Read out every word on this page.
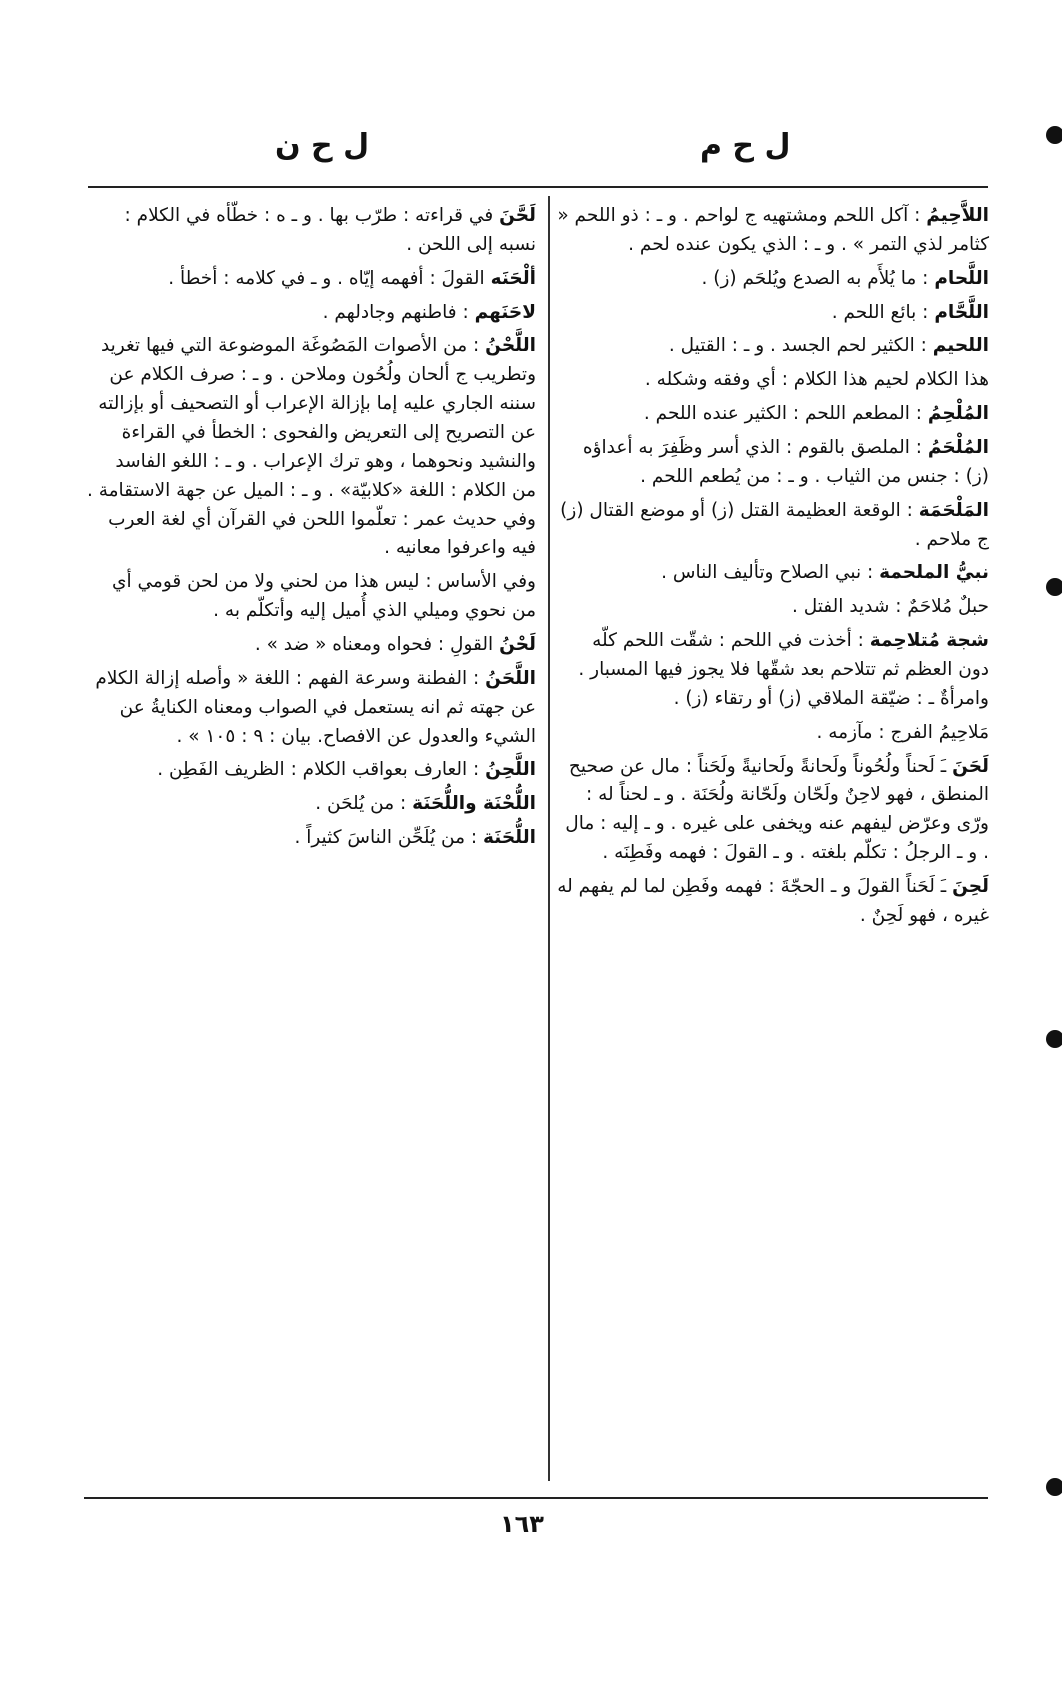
ل ح م
ل ح ن

اللاَّحِيمُ : آكل اللحم ومشتهيه ج لواحم . و ـ : ذو اللحم « كثامر لذي التمر » . و ـ : الذي يكون عنده لحم .

اللَّحام : ما يُلأَم به الصدع ويُلحَم (ز) .

اللَّحَّام : بائع اللحم .

اللحيم : الكثير لحم الجسد . و ـ : القتيل .

هذا الكلام لحيم هذا الكلام : أي وفقه وشكله .

المُلْحِمُ : المطعم اللحم : الكثير عنده اللحم .

المُلْحَمُ : الملصق بالقوم : الذي أسر وظَفِرَ به أعداؤه (ز) : جنس من الثياب . و ـ : من يُطعم اللحم .

المَلْحَمَة : الوقعة العظيمة القتل (ز) أو موضع القتال (ز) ج ملاحم .

نبيُّ الملحمة : نبي الصلاح وتأليف الناس .

حبلٌ مُلاحَمٌ : شديد الفتل .

شجة مُتلاحِمة : أخذت في اللحم : شقّت اللحم كلّه دون العظم ثم تتلاحم بعد شقّها فلا يجوز فيها المسبار . وامرأةٌ ـ : ضيّقة الملاقي (ز) أو رتقاء (ز) .

مَلاحِيمُ الفرج : مآزمه .

لَحَنَ ـَ لَحناً ولُحُوناً ولَحانةً ولَحانيةً ولَحَناً : مال عن صحيح المنطق ، فهو لاحِنٌ ولَحّان ولَحّانة ولُحَنَة . و ـ لحناً له : ورّى وعرّض ليفهم عنه ويخفى على غيره . و ـ إليه : مال . و ـ الرجلُ : تكلّم بلغته . و ـ القولَ : فهمه وفَطِنَه .

لَحِنَ ـَ لَحَناً القولَ و ـ الحجّةَ : فهمه وفَطِن لما لم يفهم له غيره ، فهو لَحِنٌ .

لَحَّنَ في قراءته : طرّب بها . و ـ ه : خطّأه في الكلام : نسبه إلى اللحن .

ألْحَنَه القولَ : أفهمه إيّاه . و ـ في كلامه : أخطأ .

لاحَنَهم : فاطنهم وجادلهم .

اللَّحْنُ : من الأصوات المَصُوغَة الموضوعة التي فيها تغريد وتطريب ج ألحان ولُحُون وملاحن . و ـ : صرف الكلام عن سننه الجاري عليه إما بإزالة الإعراب أو التصحيف أو بإزالته عن التصريح إلى التعريض والفحوى : الخطأ في القراءة والنشيد ونحوهما ، وهو ترك الإعراب . و ـ : اللغو الفاسد من الكلام : اللغة «كلابيّة» . و ـ : الميل عن جهة الاستقامة . وفي حديث عمر : تعلّموا اللحن في القرآن أي لغة العرب فيه واعرفوا معانيه .

وفي الأساس : ليس هذا من لحني ولا من لحن قومي أي من نحوي وميلي الذي أُميل إليه وأتكلّم به .

لَحْنُ القولِ : فحواه ومعناه « ضد » .

اللَّحَنُ : الفطنة وسرعة الفهم : اللغة « وأصله إزالة الكلام عن جهته ثم انه يستعمل في الصواب ومعناه الكنايةُ عن الشيء والعدول عن الافصاح. بيان : ٩ : ١٠٥ » .

اللَّحِنُ : العارف بعواقب الكلام : الظريف الفَطِن .

اللُّحْنَة واللُّحَنَة : من يُلحَن .

اللُّحَنَة : من يُلَحِّن الناسَ كثيراً .

١٦٣
